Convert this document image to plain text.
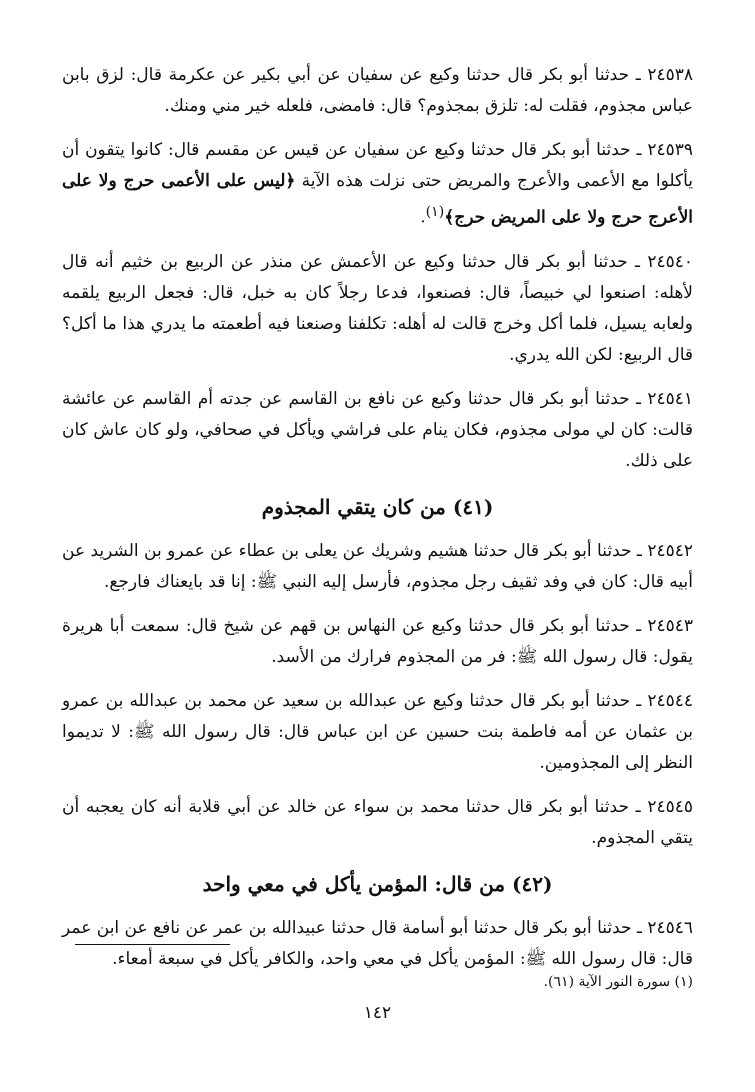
٢٤٥٣٨ ـ حدثنا أبو بكر قال حدثنا وكيع عن سفيان عن أبي بكير عن عكرمة قال: لزق بابن عباس مجذوم، فقلت له: تلزق بمجذوم؟ قال: فامضى، فلعله خير مني ومنك.

٢٤٥٣٩ ـ حدثنا أبو بكر قال حدثنا وكيع عن سفيان عن قيس عن مقسم قال: كانوا يتقون أن يأكلوا مع الأعمى والأعرج والمريض حتى نزلت هذه الآية ﴿ليس على الأعمى حرج ولا على الأعرج حرج ولا على المريض حرج﴾$^{(١)}$.

٢٤٥٤٠ ـ حدثنا أبو بكر قال حدثنا وكيع عن الأعمش عن منذر عن الربيع بن خثيم أنه قال لأهله: اصنعوا لي خبيصاً، قال: فصنعوا، فدعا رجلاً كان به خبل، قال: فجعل الربيع يلقمه ولعابه يسيل، فلما أكل وخرج قالت له أهله: تكلفنا وصنعنا فيه أطعمته ما يدري هذا ما أكل؟ قال الربيع: لكن الله يدري.

٢٤٥٤١ ـ حدثنا أبو بكر قال حدثنا وكيع عن نافع بن القاسم عن جدته أم القاسم عن عائشة قالت: كان لي مولى مجذوم، فكان ينام على فراشي ويأكل في صحافي، ولو كان عاش كان على ذلك.

(٤١) من كان يتقي المجذوم

٢٤٥٤٢ ـ حدثنا أبو بكر قال حدثنا هشيم وشريك عن يعلى بن عطاء عن عمرو بن الشريد عن أبيه قال: كان في وفد ثقيف رجل مجذوم، فأرسل إليه النبي ﷺ: إنا قد بايعناك فارجع.

٢٤٥٤٣ ـ حدثنا أبو بكر قال حدثنا وكيع عن النهاس بن قهم عن شيخ قال: سمعت أبا هريرة يقول: قال رسول الله ﷺ: فر من المجذوم فرارك من الأسد.

٢٤٥٤٤ ـ حدثنا أبو بكر قال حدثنا وكيع عن عبدالله بن سعيد عن محمد بن عبدالله بن عمرو بن عثمان عن أمه فاطمة بنت حسين عن ابن عباس قال: قال رسول الله ﷺ: لا تديموا النظر إلى المجذومين.

٢٤٥٤٥ ـ حدثنا أبو بكر قال حدثنا محمد بن سواء عن خالد عن أبي قلابة أنه كان يعجبه أن يتقي المجذوم.

(٤٢) من قال: المؤمن يأكل في معي واحد

٢٤٥٤٦ ـ حدثنا أبو بكر قال حدثنا أبو أسامة قال حدثنا عبيدالله بن عمر عن نافع عن ابن عمر قال: قال رسول الله ﷺ: المؤمن يأكل في معي واحد، والكافر يأكل في سبعة أمعاء.

(١) سورة النور الآية (٦١).
١٤٢
